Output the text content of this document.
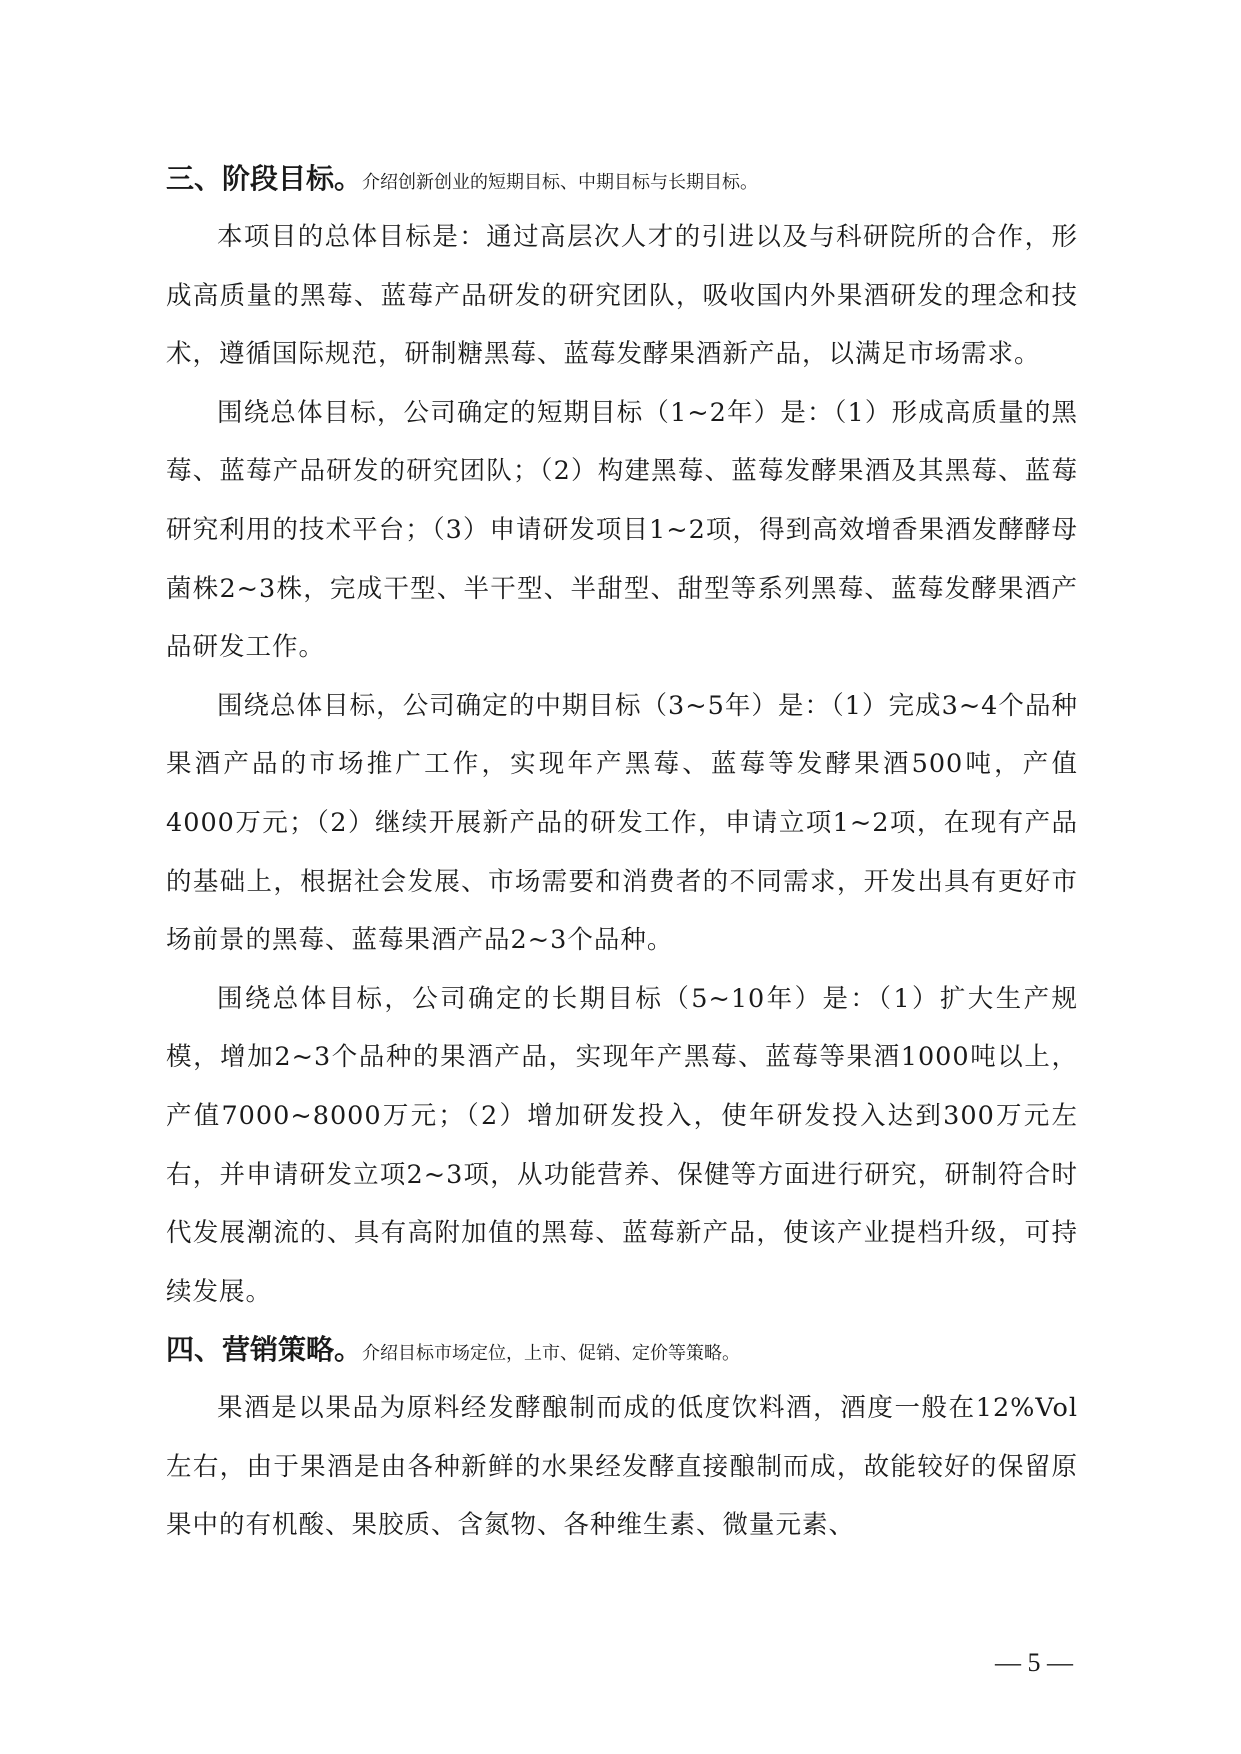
三、阶段目标。介绍创新创业的短期目标、中期目标与长期目标。

本项目的总体目标是：通过高层次人才的引进以及与科研院所的合作，形成高质量的黑莓、蓝莓产品研发的研究团队，吸收国内外果酒研发的理念和技术，遵循国际规范，研制糖黑莓、蓝莓发酵果酒新产品，以满足市场需求。

围绕总体目标，公司确定的短期目标（1~2年）是：（1）形成高质量的黑莓、蓝莓产品研发的研究团队；（2）构建黑莓、蓝莓发酵果酒及其黑莓、蓝莓研究利用的技术平台；（3）申请研发项目1~2项，得到高效增香果酒发酵酵母菌株2~3株，完成干型、半干型、半甜型、甜型等系列黑莓、蓝莓发酵果酒产品研发工作。

围绕总体目标，公司确定的中期目标（3~5年）是：（1）完成3~4个品种果酒产品的市场推广工作，实现年产黑莓、蓝莓等发酵果酒500吨，产值4000万元；（2）继续开展新产品的研发工作，申请立项1~2项，在现有产品的基础上，根据社会发展、市场需要和消费者的不同需求，开发出具有更好市场前景的黑莓、蓝莓果酒产品2~3个品种。

围绕总体目标，公司确定的长期目标（5~10年）是：（1）扩大生产规模，增加2~3个品种的果酒产品，实现年产黑莓、蓝莓等果酒1000吨以上，产值7000~8000万元；（2）增加研发投入，使年研发投入达到300万元左右，并申请研发立项2~3项，从功能营养、保健等方面进行研究，研制符合时代发展潮流的、具有高附加值的黑莓、蓝莓新产品，使该产业提档升级，可持续发展。

四、营销策略。介绍目标市场定位，上市、促销、定价等策略。

果酒是以果品为原料经发酵酿制而成的低度饮料酒，酒度一般在12%Vol左右，由于果酒是由各种新鲜的水果经发酵直接酿制而成，故能较好的保留原果中的有机酸、果胶质、含氮物、各种维生素、微量元素、

— 5 —
